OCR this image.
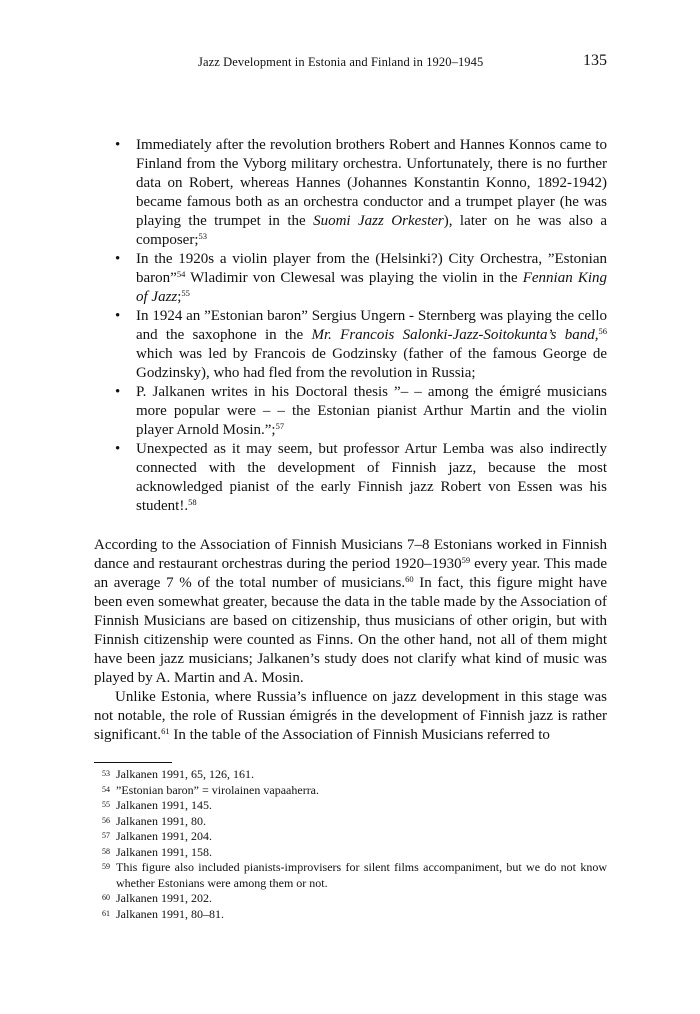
Jazz Development in Estonia and Finland in 1920–1945	135
• Immediately after the revolution brothers Robert and Hannes Konnos came to Finland from the Vyborg military orchestra. Unfortunately, there is no further data on Robert, whereas Hannes (Johannes Konstantin Konno, 1892-1942) became famous both as an orchestra conductor and a trumpet player (he was playing the trumpet in the Suomi Jazz Orkester), later on he was also a composer;$^{53}$
• In the 1920s a violin player from the (Helsinki?) City Orchestra, ”Estonian baron”$^{54}$ Wladimir von Clewesal was playing the violin in the Fennian King of Jazz;$^{55}$
• In 1924 an ”Estonian baron” Sergius Ungern - Sternberg was playing the cello and the saxophone in the Mr. Francois Salonki-Jazz-Soitokunta’s band,$^{56}$ which was led by Francois de Godzinsky (father of the famous George de Godzinsky), who had fled from the revolution in Russia;
• P. Jalkanen writes in his Doctoral thesis ”– – among the émigré musicians more popular were – – the Estonian pianist Arthur Martin and the violin player Arnold Mosin.”;$^{57}$
• Unexpected as it may seem, but professor Artur Lemba was also indirectly connected with the development of Finnish jazz, because the most acknowledged pianist of the early Finnish jazz Robert von Essen was his student!.$^{58}$

According to the Association of Finnish Musicians 7–8 Estonians worked in Finnish dance and restaurant orchestras during the period 1920–1930$^{59}$ every year. This made an average 7 % of the total number of musicians.$^{60}$ In fact, this figure might have been even somewhat greater, because the data in the table made by the Association of Finnish Musicians are based on citizenship, thus musicians of other origin, but with Finnish citizenship were counted as Finns. On the other hand, not all of them might have been jazz musicians; Jalkanen’s study does not clarify what kind of music was played by A. Martin and A. Mosin.

Unlike Estonia, where Russia’s influence on jazz development in this stage was not notable, the role of Russian émigrés in the development of Finnish jazz is rather significant.$^{61}$ In the table of the Association of Finnish Musicians referred to

53 Jalkanen 1991, 65, 126, 161.
54 ”Estonian baron” = virolainen vapaaherra.
55 Jalkanen 1991, 145.
56 Jalkanen 1991, 80.
57 Jalkanen 1991, 204.
58 Jalkanen 1991, 158.
59 This figure also included pianists-improvisers for silent films accompaniment, but we do not know whether Estonians were among them or not.
60 Jalkanen 1991, 202.
61 Jalkanen 1991, 80–81.
